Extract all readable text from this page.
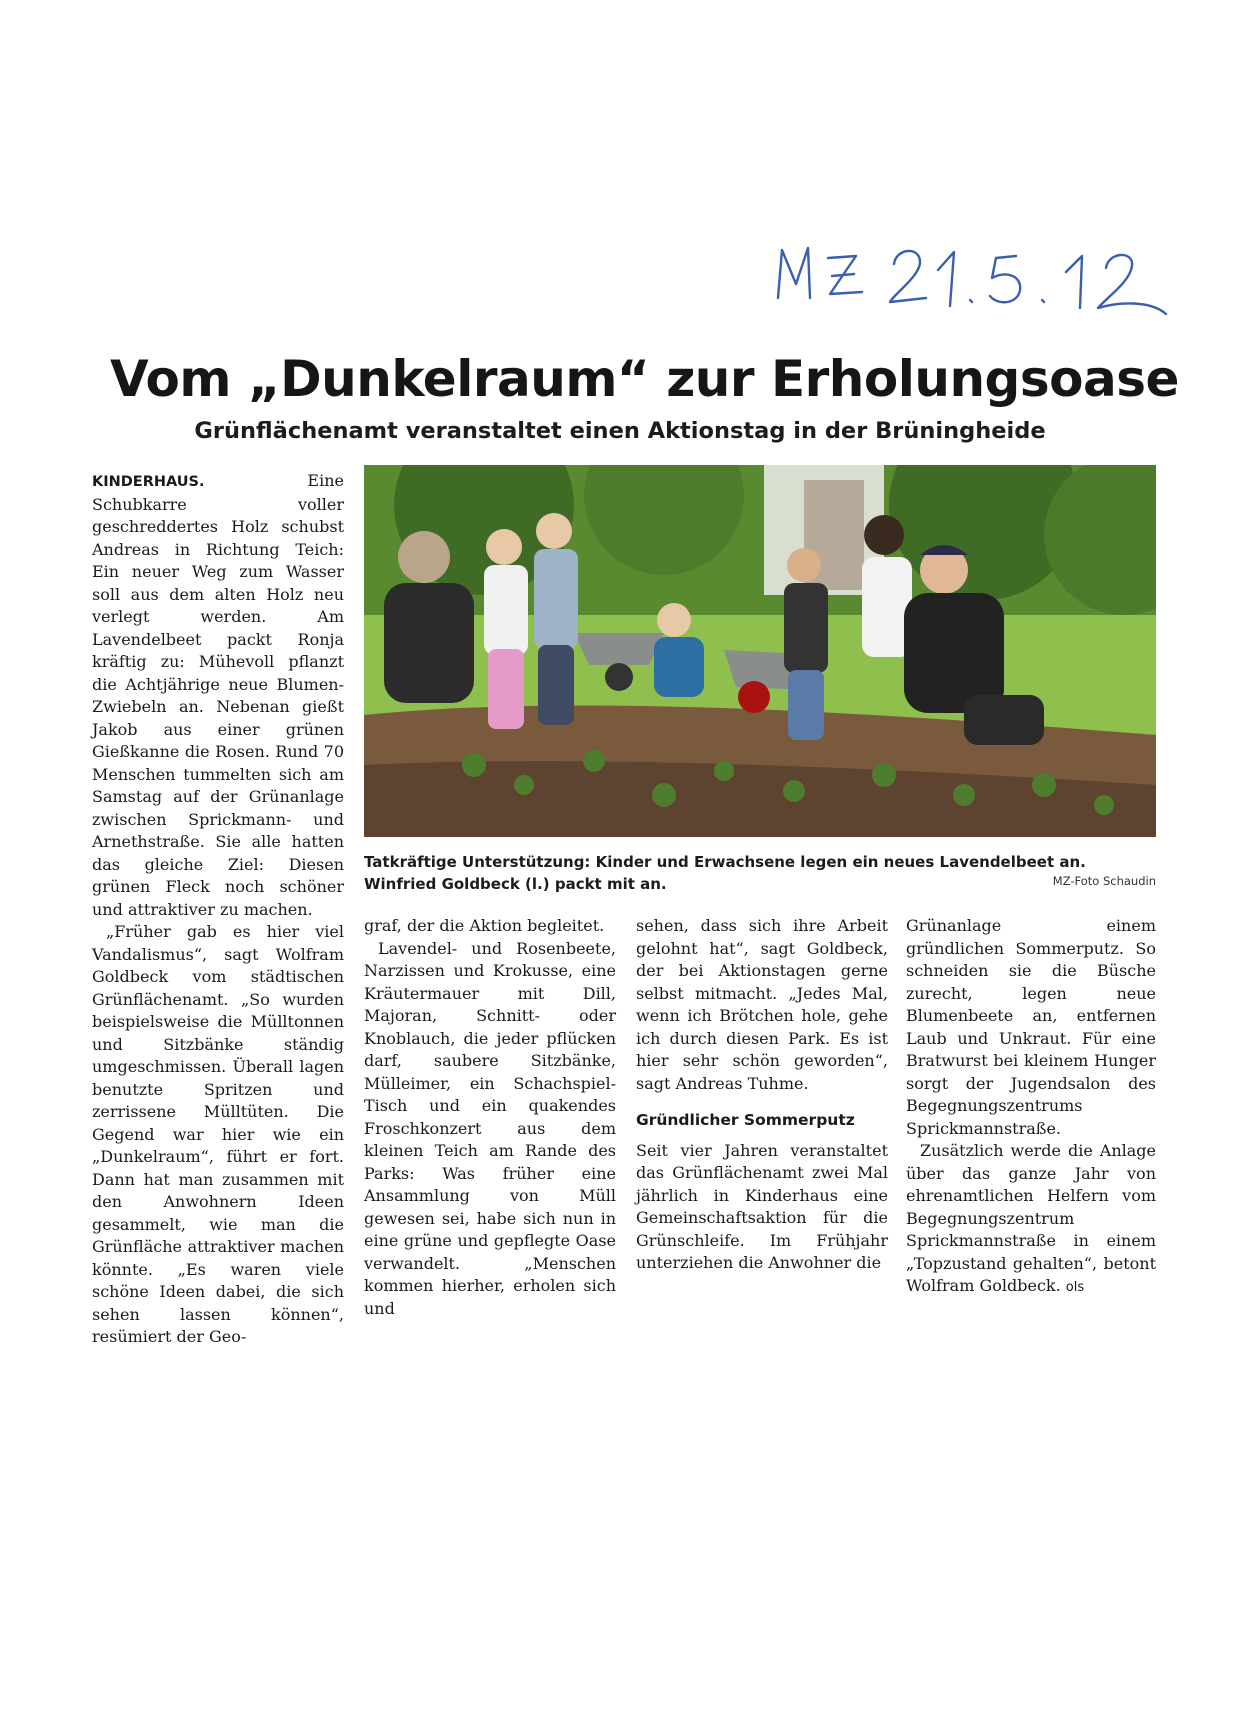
Vom „Dunkelraum“ zur Erholungsoase
Grünflächenamt veranstaltet einen Aktionstag in der Brüningheide

KINDERHAUS.	Eine Schubkarre voller geschreddertes Holz schubst Andreas in Richtung Teich: Ein neuer Weg zum Wasser soll aus dem alten Holz neu verlegt werden. Am Lavendelbeet packt Ronja kräftig zu: Mühevoll pflanzt die Achtjährige neue Blumen-Zwiebeln an. Nebenan gießt Jakob aus einer grünen Gießkanne die Rosen. Rund 70 Menschen tummelten sich am Samstag auf der Grünanlage zwischen Sprickmann- und Arnethstraße. Sie alle hatten das gleiche Ziel: Diesen grünen Fleck noch schöner und attraktiver zu machen.

„Früher gab es hier viel Vandalismus“, sagt Wolfram Goldbeck vom städtischen Grünflächenamt. „So wurden beispielsweise die Mülltonnen und Sitzbänke ständig umgeschmissen. Überall lagen benutzte Spritzen und zerrissene Mülltüten. Die Gegend war hier wie ein „Dunkelraum“, führt er fort. Dann hat man zusammen mit den Anwohnern Ideen gesammelt, wie man die Grünfläche attraktiver machen könnte. „Es waren viele schöne Ideen dabei, die sich sehen lassen können“, resümiert der Geo-

Tatkräftige Unterstützung: Kinder und Erwachsene legen ein neues Lavendelbeet an. Winfried Goldbeck (l.) packt mit an.	MZ-Foto Schaudin

graf, der die Aktion begleitet.

Lavendel- und Rosenbeete, Narzissen und Krokusse, eine Kräutermauer mit Dill, Majoran, Schnitt- oder Knoblauch, die jeder pflücken darf, saubere Sitzbänke, Mülleimer, ein Schachspiel-Tisch und ein quakendes Froschkonzert aus dem kleinen Teich am Rande des Parks: Was früher eine Ansammlung von Müll gewesen sei, habe sich nun in eine grüne und gepflegte Oase verwandelt. „Menschen kommen hierher, erholen sich und

sehen, dass sich ihre Arbeit gelohnt hat“, sagt Goldbeck, der bei Aktionstagen gerne selbst mitmacht. „Jedes Mal, wenn ich Brötchen hole, gehe ich durch diesen Park. Es ist hier sehr schön geworden“, sagt Andreas Tuhme.

Gründlicher Sommerputz

Seit vier Jahren veranstaltet das Grünflächenamt zwei Mal jährlich in Kinderhaus eine Gemeinschaftsaktion für die Grünschleife. Im Frühjahr unterziehen die Anwohner die

Grünanlage einem gründlichen Sommerputz. So schneiden sie die Büsche zurecht, legen neue Blumenbeete an, entfernen Laub und Unkraut. Für eine Bratwurst bei kleinem Hunger sorgt der Jugendsalon des Begegnungszentrums Sprickmannstraße.

Zusätzlich werde die Anlage über das ganze Jahr von ehrenamtlichen Helfern vom Begegnungszentrum Sprickmannstraße in einem „Topzustand gehalten“, betont Wolfram Goldbeck. ols
